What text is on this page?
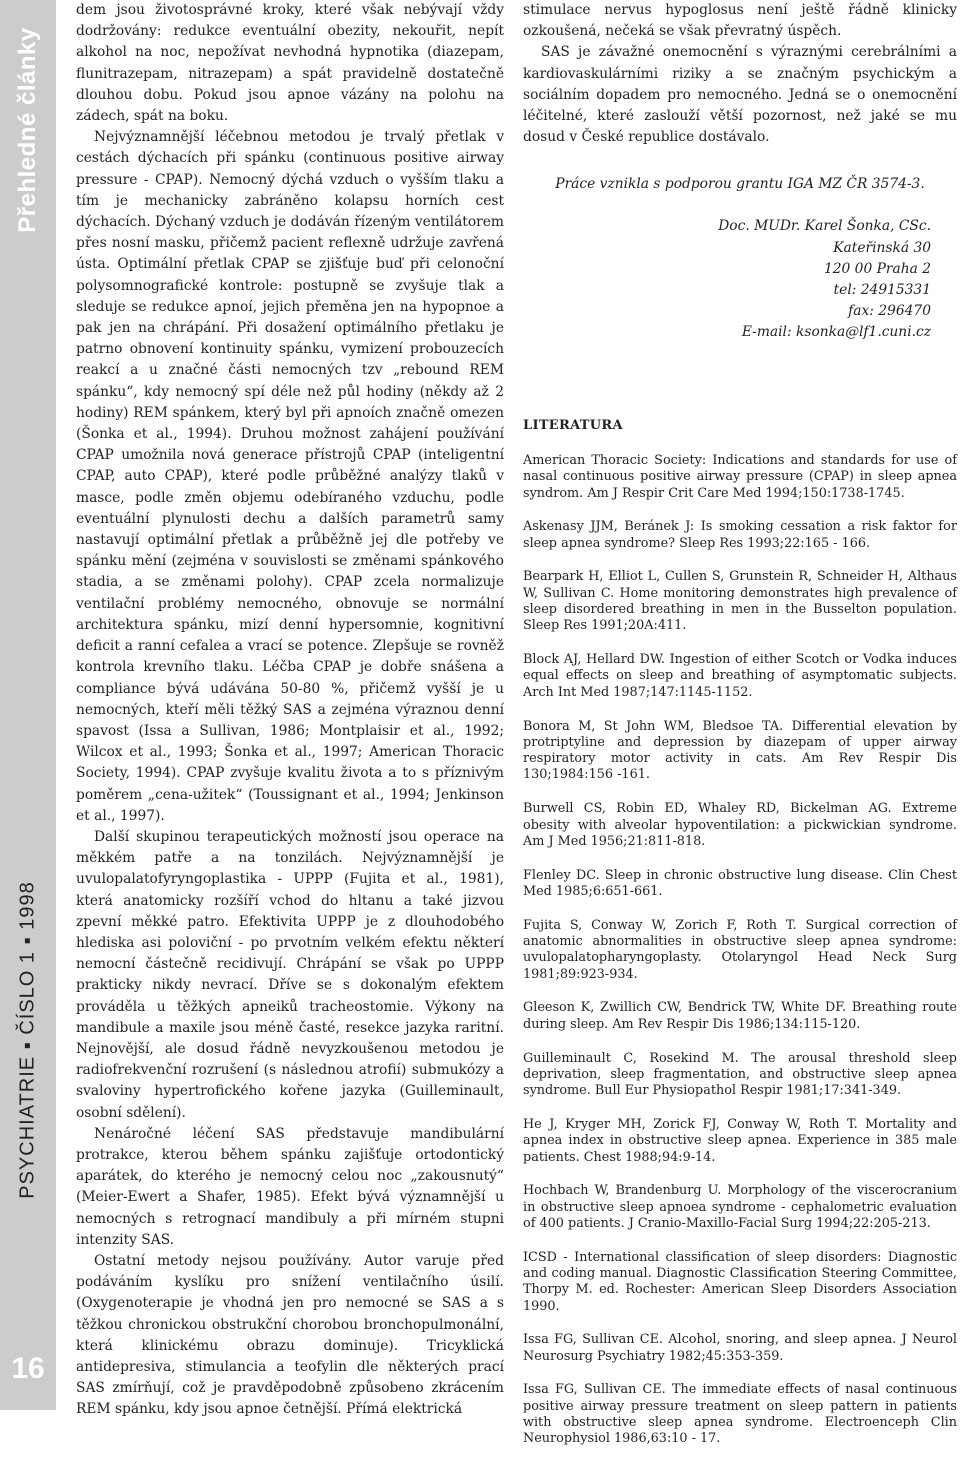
Přehledné články
PSYCHIATRIE ▪ ČÍSLO 1 ▪ 1998
16

dem jsou životosprávné kroky, které však nebývají vždy dodržovány: redukce eventuální obezity, nekouřit, nepít alkohol na noc, nepožívat nevhodná hypnotika (diazepam, flunitrazepam, nitrazepam) a spát pravidelně dostatečně dlouhou dobu. Pokud jsou apnoe vázány na polohu na zádech, spát na boku.

Nejvýznamnější léčebnou metodou je trvalý přetlak v cestách dýchacích při spánku (continuous positive airway pressure - CPAP). Nemocný dýchá vzduch o vyšším tlaku a tím je mechanicky zabráněno kolapsu horních cest dýchacích. Dýchaný vzduch je dodáván řízeným ventilátorem přes nosní masku, přičemž pacient reflexně udržuje zavřená ústa. Optimální přetlak CPAP se zjišťuje buď při celonoční polysomnografické kontrole: postupně se zvyšuje tlak a sleduje se redukce apnoí, jejich přeměna jen na hypopnoe a pak jen na chrápání. Při dosažení optimálního přetlaku je patrno obnovení kontinuity spánku, vymizení probouzecích reakcí a u značné části nemocných tzv „rebound REM spánku“, kdy nemocný spí déle než půl hodiny (někdy až 2 hodiny) REM spánkem, který byl při apnoích značně omezen (Šonka et al., 1994). Druhou možnost zahájení používání CPAP umožnila nová generace přístrojů CPAP (inteligentní CPAP, auto CPAP), které podle průběžné analýzy tlaků v masce, podle změn objemu odebíraného vzduchu, podle eventuální plynulosti dechu a dalších parametrů samy nastavují optimální přetlak a průběžně jej dle potřeby ve spánku mění (zejména v souvislosti se změnami spánkového stadia, a se změnami polohy). CPAP zcela normalizuje ventilační problémy nemocného, obnovuje se normální architektura spánku, mizí denní hypersomnie, kognitivní deficit a ranní cefalea a vrací se potence. Zlepšuje se rovněž kontrola krevního tlaku. Léčba CPAP je dobře snášena a compliance bývá udávána 50-80 %, přičemž vyšší je u nemocných, kteří měli těžký SAS a zejména výraznou denní spavost (Issa a Sullivan, 1986; Montplaisir et al., 1992; Wilcox et al., 1993; Šonka et al., 1997; American Thoracic Society, 1994). CPAP zvyšuje kvalitu života a to s příznivým poměrem „cena-užitek“ (Toussignant et al., 1994; Jenkinson et al., 1997).

Další skupinou terapeutických možností jsou operace na měkkém patře a na tonzilách. Nejvýznamnější je uvulopalatofyryngoplastika - UPPP (Fujita et al., 1981), která anatomicky rozšíří vchod do hltanu a také jizvou zpevní měkké patro. Efektivita UPPP je z dlouhodobého hlediska asi poloviční - po prvotním velkém efektu některí nemocní částečně recidivují. Chrápání se však po UPPP prakticky nikdy nevrací. Dříve se s dokonalým efektem prováděla u těžkých apneiků tracheostomie. Výkony na mandibule a maxile jsou méně časté, resekce jazyka raritní. Nejnovější, ale dosud řádně nevyzkoušenou metodou je radiofrekvenční rozrušení (s následnou atrofií) submukózy a svaloviny hypertrofického kořene jazyka (Guilleminault, osobní sdělení).

Nenáročné léčení SAS představuje mandibulární protrakce, kterou během spánku zajišťuje ortodontický aparátek, do kterého je nemocný celou noc „zakousnutý“ (Meier-Ewert a Shafer, 1985). Efekt bývá významnější u nemocných s retrognací mandibuly a při mírném stupni intenzity SAS.

Ostatní metody nejsou používány. Autor varuje před podáváním kyslíku pro snížení ventilačního úsilí. (Oxygenoterapie je vhodná jen pro nemocné se SAS a s těžkou chronickou obstrukční chorobou bronchopulmonální, která klinickému obrazu dominuje). Tricyklická antidepresiva, stimulancia a teofylin dle některých prací SAS zmírňují, což je pravděpodobně způsobeno zkrácením REM spánku, kdy jsou apnoe četnější. Přímá elektrická

stimulace nervus hypoglosus není ještě řádně klinicky ozkoušená, nečeká se však převratný úspěch.

SAS je závažné onemocnění s výraznými cerebrálními a kardiovaskulárními riziky a se značným psychickým a sociálním dopadem pro nemocného. Jedná se o onemocnění léčitelné, které zaslouží větší pozornost, než jaké se mu dosud v České republice dostávalo.

Práce vznikla s podporou grantu IGA MZ ČR 3574-3.
Doc. MUDr. Karel Šonka, CSc.
Kateřinská 30
120 00 Praha 2
tel: 24915331
fax: 296470
E-mail: ksonka@lf1.cuni.cz
LITERATURA

American Thoracic Society: Indications and standards for use of nasal continuous positive airway pressure (CPAP) in sleep apnea syndrom. Am J Respir Crit Care Med 1994;150:1738-1745.

Askenasy JJM, Beránek J: Is smoking cessation a risk faktor for sleep apnea syndrome? Sleep Res 1993;22:165 - 166.

Bearpark H, Elliot L, Cullen S, Grunstein R, Schneider H, Althaus W, Sullivan C. Home monitoring demonstrates high prevalence of sleep disordered breathing in men in the Busselton population. Sleep Res 1991;20A:411.

Block AJ, Hellard DW. Ingestion of either Scotch or Vodka induces equal effects on sleep and breathing of asymptomatic subjects. Arch Int Med 1987;147:1145-1152.

Bonora M, St John WM, Bledsoe TA. Differential elevation by protriptyline and depression by diazepam of upper airway respiratory motor activity in cats. Am Rev Respir Dis 130;1984:156 -161.

Burwell CS, Robin ED, Whaley RD, Bickelman AG. Extreme obesity with alveolar hypoventilation: a pickwickian syndrome. Am J Med 1956;21:811-818.

Flenley DC. Sleep in chronic obstructive lung disease. Clin Chest Med 1985;6:651-661.

Fujita S, Conway W, Zorich F, Roth T. Surgical correction of anatomic abnormalities in obstructive sleep apnea syndrome: uvulopalatopharyngoplasty. Otolaryngol Head Neck Surg 1981;89:923-934.

Gleeson K, Zwillich CW, Bendrick TW, White DF. Breathing route during sleep. Am Rev Respir Dis 1986;134:115-120.

Guilleminault C, Rosekind M. The arousal threshold sleep deprivation, sleep fragmentation, and obstructive sleep apnea syndrome. Bull Eur Physiopathol Respir 1981;17:341-349.

He J, Kryger MH, Zorick FJ, Conway W, Roth T. Mortality and apnea index in obstructive sleep apnea. Experience in 385 male patients. Chest 1988;94:9-14.

Hochbach W, Brandenburg U. Morphology of the viscerocranium in obstructive sleep apnoea syndrome - cephalometric evaluation of 400 patients. J Cranio-Maxillo-Facial Surg 1994;22:205-213.

ICSD - International classification of sleep disorders: Diagnostic and coding manual. Diagnostic Classification Steering Committee, Thorpy M. ed. Rochester: American Sleep Disorders Association 1990.

Issa FG, Sullivan CE. Alcohol, snoring, and sleep apnea. J Neurol Neurosurg Psychiatry 1982;45:353-359.

Issa FG, Sullivan CE. The immediate effects of nasal continuous positive airway pressure treatment on sleep pattern in patients with obstructive sleep apnea syndrome. Electroenceph Clin Neurophysiol 1986,63:10 - 17.
